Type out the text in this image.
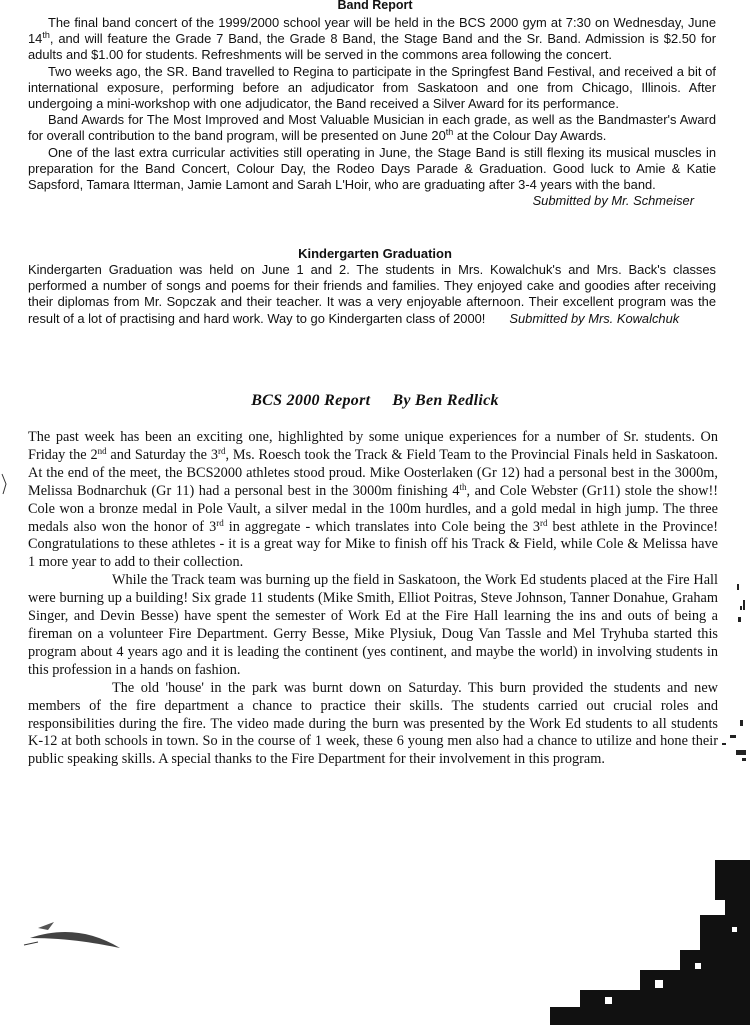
Band Report

The final band concert of the 1999/2000 school year will be held in the BCS 2000 gym at 7:30 on Wednesday, June 14th, and will feature the Grade 7 Band, the Grade 8 Band, the Stage Band and the Sr. Band. Admission is $2.50 for adults and $1.00 for students. Refreshments will be served in the commons area following the concert.

Two weeks ago, the SR. Band travelled to Regina to participate in the Springfest Band Festival, and received a bit of international exposure, performing before an adjudicator from Saskatoon and one from Chicago, Illinois. After undergoing a mini-workshop with one adjudicator, the Band received a Silver Award for its performance.

Band Awards for The Most Improved and Most Valuable Musician in each grade, as well as the Bandmaster's Award for overall contribution to the band program, will be presented on June 20th at the Colour Day Awards.

One of the last extra curricular activities still operating in June, the Stage Band is still flexing its musical muscles in preparation for the Band Concert, Colour Day, the Rodeo Days Parade & Graduation. Good luck to Amie & Katie Sapsford, Tamara Itterman, Jamie Lamont and Sarah L'Hoir, who are graduating after 3-4 years with the band.

Submitted by Mr. Schmeiser

Kindergarten Graduation

Kindergarten Graduation was held on June 1 and 2. The students in Mrs. Kowalchuk's and Mrs. Back's classes performed a number of songs and poems for their friends and families. They enjoyed cake and goodies after receiving their diplomas from Mr. Sopczak and their teacher. It was a very enjoyable afternoon. Their excellent program was the result of a lot of practising and hard work. Way to go Kindergarten class of 2000! Submitted by Mrs. Kowalchuk

BCS 2000 Report By Ben Redlick

The past week has been an exciting one, highlighted by some unique experiences for a number of Sr. students. On Friday the 2nd and Saturday the 3rd, Ms. Roesch took the Track & Field Team to the Provincial Finals held in Saskatoon. At the end of the meet, the BCS2000 athletes stood proud. Mike Oosterlaken (Gr 12) had a personal best in the 3000m, Melissa Bodnarchuk (Gr 11) had a personal best in the 3000m finishing 4th, and Cole Webster (Gr11) stole the show!! Cole won a bronze medal in Pole Vault, a silver medal in the 100m hurdles, and a gold medal in high jump. The three medals also won the honor of 3rd in aggregate - which translates into Cole being the 3rd best athlete in the Province! Congratulations to these athletes - it is a great way for Mike to finish off his Track & Field, while Cole & Melissa have 1 more year to add to their collection.

While the Track team was burning up the field in Saskatoon, the Work Ed students placed at the Fire Hall were burning up a building! Six grade 11 students (Mike Smith, Elliot Poitras, Steve Johnson, Tanner Donahue, Graham Singer, and Devin Besse) have spent the semester of Work Ed at the Fire Hall learning the ins and outs of being a fireman on a volunteer Fire Department. Gerry Besse, Mike Plysiuk, Doug Van Tassle and Mel Tryhuba started this program about 4 years ago and it is leading the continent (yes continent, and maybe the world) in involving students in this profession in a hands on fashion.

The old 'house' in the park was burnt down on Saturday. This burn provided the students and new members of the fire department a chance to practice their skills. The students carried out crucial roles and responsibilities during the fire. The video made during the burn was presented by the Work Ed students to all students K-12 at both schools in town. So in the course of 1 week, these 6 young men also had a chance to utilize and hone their public speaking skills. A special thanks to the Fire Department for their involvement in this program.
